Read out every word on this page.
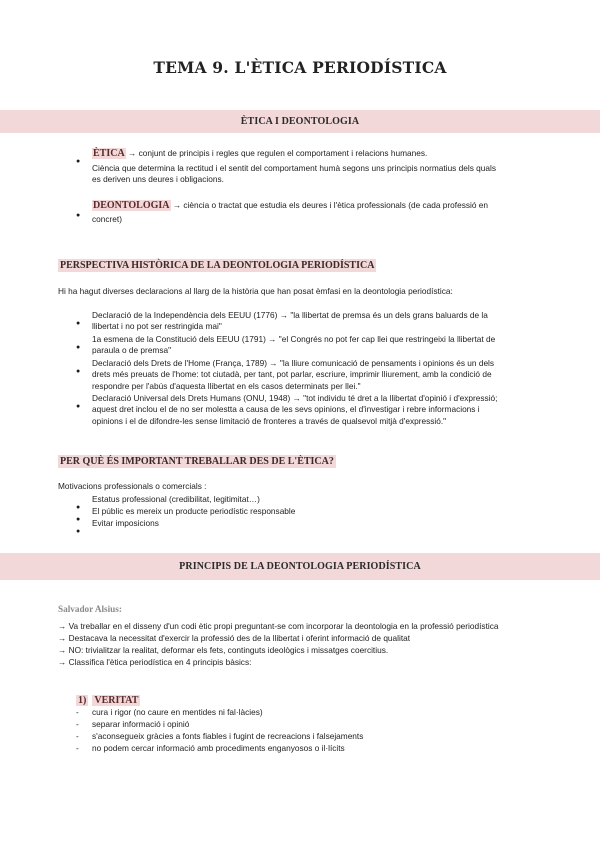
TEMA 9. L'ÈTICA PERIODÍSTICA
ÈTICA I DEONTOLOGIA
●
ÈTICA → conjunt de principis i regles que regulen el comportament i relacions humanes.
Ciència que determina la rectitud i el sentit del comportament humà segons uns principis normatius dels quals
es deriven uns deures i obligacions.
●
DEONTOLOGIA → ciència o tractat que estudia els deures i l'ètica professionals (de cada professió en
concret)
PERSPECTIVA HISTÒRICA DE LA DEONTOLOGIA PERIODÍSTICA
Hi ha hagut diverses declaracions al llarg de la història que han posat èmfasi en la deontologia periodística:
●
Declaració de la Independència dels EEUU (1776) → "la llibertat de premsa és un dels grans baluards de la
llibertat i no pot ser restringida mai"
●
1a esmena de la Constitució dels EEUU (1791) → "el Congrés no pot fer cap llei que restringeixi la llibertat de
paraula o de premsa"
●
Declaració dels Drets de l'Home (França, 1789) → "la lliure comunicació de pensaments i opinions és un dels
drets més preuats de l'home: tot ciutadà, per tant, pot parlar, escriure, imprimir lliurement, amb la condició de
respondre per l'abús d'aquesta llibertat en els casos determinats per llei."
●
Declaració Universal dels Drets Humans (ONU, 1948) → "tot individu té dret a la llibertat d'opinió i d'expressió;
aquest dret inclou el de no ser molestta a causa de les sevs opinions, el d'investigar i rebre informacions i
opinions i el de difondre-les sense limitació de fronteres a través de qualsevol mitjà d'expressió."
PER QUÈ ÉS IMPORTANT TREBALLAR DES DE L'ÈTICA?
Motivacions professionals o comercials :
●
Estatus professional (credibilitat, legitimitat…)
●
El públic es mereix un producte periodístic responsable
●
Evitar imposicions
PRINCIPIS DE LA DEONTOLOGIA PERIODÍSTICA
Salvador Alsius:
→ Va treballar en el disseny d'un codi ètic propi preguntant-se com incorporar la deontologia en la professió periodística
→ Destacava la necessitat d'exercir la professió des de la llibertat i oferint informació de qualitat
→ NO: trivialitzar la realitat, deformar els fets, continguts ideològics i missatges coercitius.
→ Classifica l'ètica periodística en 4 principis bàsics:
1) VERITAT
- cura i rigor (no caure en mentides ni fal·làcies)
- separar informació i opinió
- s'aconsegueix gràcies a fonts fiables i fugint de recreacions i falsejaments
- no podem cercar informació amb procediments enganyosos o il·lícits
